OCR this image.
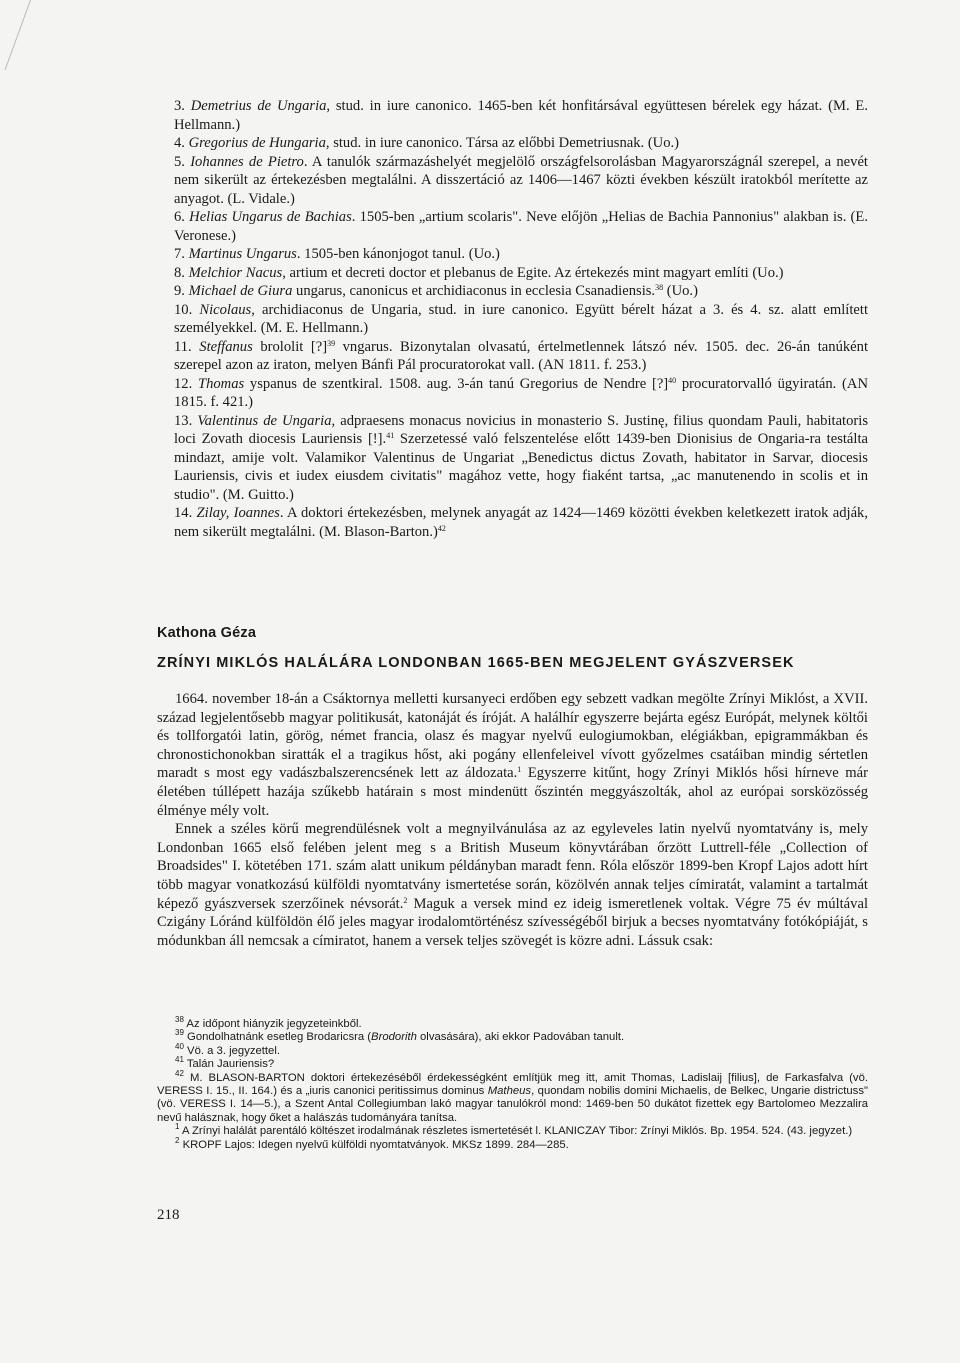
3. Demetrius de Ungaria, stud. in iure canonico. 1465-ben két honfitársával együttesen bérelek egy házat. (M. E. Hellmann.)

4. Gregorius de Hungaria, stud. in iure canonico. Társa az előbbi Demetriusnak. (Uo.)

5. Iohannes de Pietro. A tanulók származáshelyét megjelölő országfelsorolásban Magyarországnál szerepel, a nevét nem sikerült az értekezésben megtalálni. A disszertáció az 1406—1467 közti években készült iratokból merítette az anyagot. (L. Vidale.)

6. Helias Ungarus de Bachias. 1505-ben „artium scolaris". Neve előjön „Helias de Bachia Pannonius" alakban is. (E. Veronese.)

7. Martinus Ungarus. 1505-ben kánonjogot tanul. (Uo.)

8. Melchior Nacus, artium et decreti doctor et plebanus de Egite. Az értekezés mint magyart említi (Uo.)

9. Michael de Giura ungarus, canonicus et archidiaconus in ecclesia Csanadiensis.$^{38}$ (Uo.)

10. Nicolaus, archidiaconus de Ungaria, stud. in iure canonico. Együtt bérelt házat a 3. és 4. sz. alatt említett személyekkel. (M. E. Hellmann.)

11. Steffanus brololit [?]$^{39}$ vngarus. Bizonytalan olvasatú, értelmetlennek látszó név. 1505. dec. 26-án tanúként szerepel azon az iraton, melyen Bánfi Pál procuratorokat vall. (AN 1811. f. 253.)

12. Thomas yspanus de szentkiral. 1508. aug. 3-án tanú Gregorius de Nendre [?]$^{40}$ procuratorvalló ügyiratán. (AN 1815. f. 421.)

13. Valentinus de Ungaria, adpraesens monacus novicius in monasterio S. Justinę, filius quondam Pauli, habitatoris loci Zovath diocesis Lauriensis [!].$^{41}$ Szerzetessé való felszentelése előtt 1439-ben Dionisius de Ongaria-ra testálta mindazt, amije volt. Valamikor Valentinus de Ungariat „Benedictus dictus Zovath, habitator in Sarvar, diocesis Lauriensis, civis et iudex eiusdem civitatis" magához vette, hogy fiaként tartsa, „ac manutenendo in scolis et in studio". (M. Guitto.)

14. Zilay, Ioannes. A doktori értekezésben, melynek anyagát az 1424—1469 közötti években keletkezett iratok adják, nem sikerült megtalálni. (M. Blason-Barton.)$^{42}$

Kathona Géza
ZRÍNYI MIKLÓS HALÁLÁRA LONDONBAN 1665-BEN MEGJELENT GYÁSZVERSEK

1664. november 18-án a Csáktornya melletti kursanyeci erdőben egy sebzett vadkan megölte Zrínyi Miklóst, a XVII. század legjelentősebb magyar politikusát, katonáját és íróját. A halálhír egyszerre bejárta egész Európát, melynek költői és tollforgatói latin, görög, német francia, olasz és magyar nyelvű eulogiumokban, elégiákban, epigrammákban és chronostichonokban siratták el a tragikus hőst, aki pogány ellenfeleivel vívott győzelmes csatáiban mindig sértetlen maradt s most egy vadászbalszerencsének lett az áldozata.$^1$ Egyszerre kitűnt, hogy Zrínyi Miklós hősi hírneve már életében túllépett hazája szűkebb határain s most mindenütt őszintén meggyászolták, ahol az európai sorsközösség élménye mély volt.

Ennek a széles körű megrendülésnek volt a megnyilvánulása az az egyleveles latin nyelvű nyomtatvány is, mely Londonban 1665 első felében jelent meg s a British Museum könyvtárában őrzött Luttrell-féle „Collection of Broadsides" I. kötetében 171. szám alatt unikum példányban maradt fenn. Róla először 1899-ben Kropf Lajos adott hírt több magyar vonatkozású külföldi nyomtatvány ismertetése során, közölvén annak teljes címiratát, valamint a tartalmát képező gyászversek szerzőinek névsorát.$^2$ Maguk a versek mind ez ideig ismeretlenek voltak. Végre 75 év múltával Czigány Lóránd külföldön élő jeles magyar irodalomtörténész szívességéből birjuk a becses nyomtatvány fotókópiáját, s módunkban áll nemcsak a címiratot, hanem a versek teljes szövegét is közre adni. Lássuk csak:

$^{38}$ Az időpont hiányzik jegyzeteinkből.

$^{39}$ Gondolhatnánk esetleg Brodaricsra (Brodorith olvasására), aki ekkor Padovában tanult.

$^{40}$ Vö. a 3. jegyzettel.

$^{41}$ Talán Jauriensis?

$^{42}$ M. BLASON-BARTON doktori értekezéséből érdekességként említjük meg itt, amit Thomas, Ladislaij [filius], de Farkasfalva (vö. VERESS I. 15., II. 164.) és a „iuris canonici peritissimus dominus Matheus, quondam nobilis domini Michaelis, de Belkec, Ungarie districtuss"(vö. VERESS I. 14—5.), a Szent Antal Collegiumban lakó magyar tanulókról mond: 1469-ben 50 dukátot fizettek egy Bartolomeo Mezzalira nevű halásznak, hogy őket a halászás tudományára tanítsa.

$^1$ A Zrínyi halálát parentáló költészet irodalmának részletes ismertetését l. KLANICZAY Tibor: Zrínyi Miklós. Bp. 1954. 524. (43. jegyzet.)

$^2$ KROPF Lajos: Idegen nyelvű külföldi nyomtatványok. MKSz 1899. 284—285.

218
